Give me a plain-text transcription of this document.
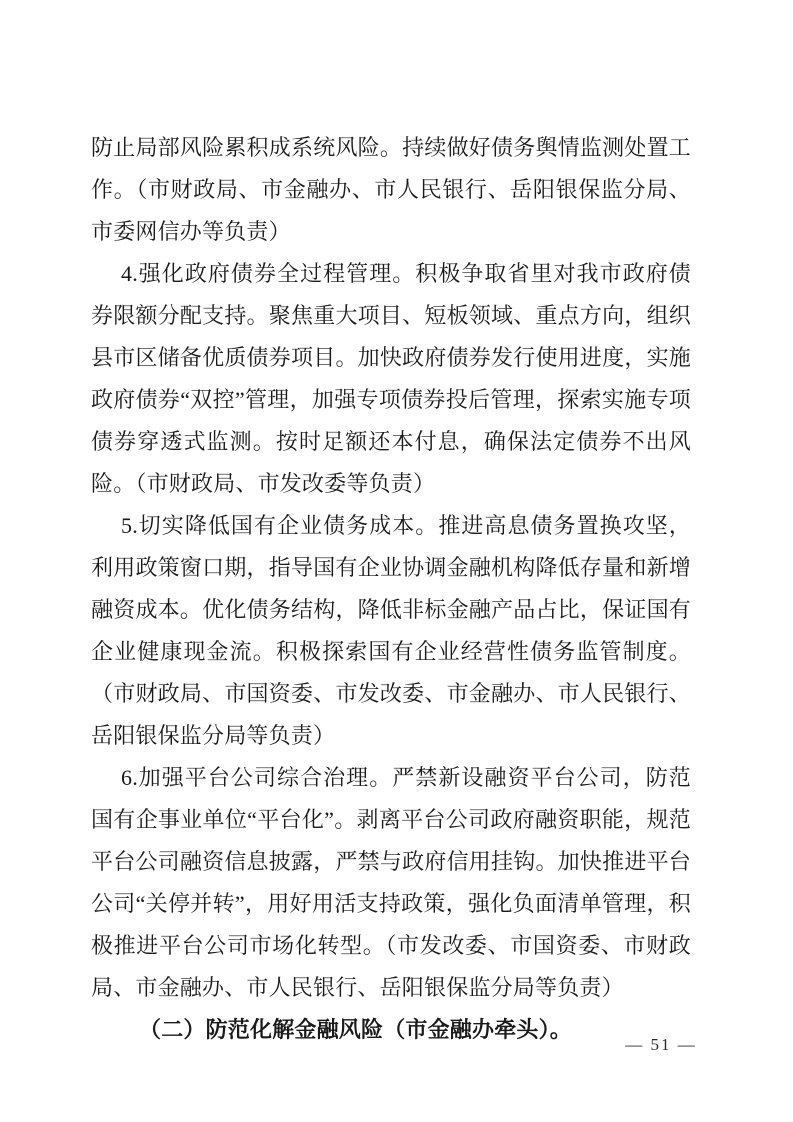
防止局部风险累积成系统风险。持续做好债务舆情监测处置工作。（市财政局、市金融办、市人民银行、岳阳银保监分局、市委网信办等负责）

4.强化政府债券全过程管理。积极争取省里对我市政府债券限额分配支持。聚焦重大项目、短板领域、重点方向，组织县市区储备优质债券项目。加快政府债券发行使用进度，实施政府债券“双控”管理，加强专项债券投后管理，探索实施专项债券穿透式监测。按时足额还本付息，确保法定债券不出风险。（市财政局、市发改委等负责）

5.切实降低国有企业债务成本。推进高息债务置换攻坚，利用政策窗口期，指导国有企业协调金融机构降低存量和新增融资成本。优化债务结构，降低非标金融产品占比，保证国有企业健康现金流。积极探索国有企业经营性债务监管制度。（市财政局、市国资委、市发改委、市金融办、市人民银行、岳阳银保监分局等负责）

6.加强平台公司综合治理。严禁新设融资平台公司，防范国有企事业单位“平台化”。剥离平台公司政府融资职能，规范平台公司融资信息披露，严禁与政府信用挂钩。加快推进平台公司“关停并转”，用好用活支持政策，强化负面清单管理，积极推进平台公司市场化转型。（市发改委、市国资委、市财政局、市金融办、市人民银行、岳阳银保监分局等负责）

（二）防范化解金融风险（市金融办牵头）。

— 51 —
